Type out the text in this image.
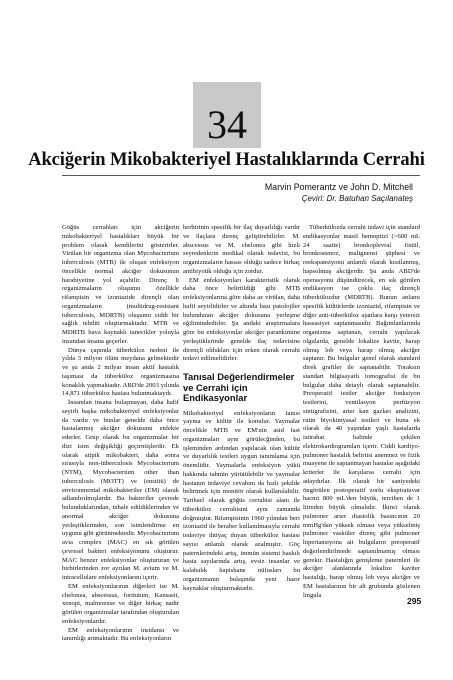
34
Akciğerin Mikobakteriyel Hastalıklarında Cerrahi
Marvin Pomerantz ve John D. Mitchell
Çeviri: Dr. Batuhan Saçılanateş

Göğüs cerrahları için akciğerin mikobakteriyel hastalıkları büyük bir problem olarak kendilerini gösterirler. Virülan bir organizma olan Mycobacterium tuberculosis (MTB) ile oluşan enfeksiyon öncelikle normal akciğer dokusunun harabiyetine yol açabilir. Direnç li organizmaların oluşumu özellikle rifampisin ve izoniazide dirençli olan organizmaların (multidrug-resistant tuberculosis, MDRTB) oluşumu ciddi bir sağlık tehditi oluşturmaktadır. MTB ve MDRTB hava kaynaklı tanecikler yoluyla insandan insana geçerler.

Dünya çapında tüberküloz nedeni ile yılda 3 milyon ölüm meydana gelmektedir ve şu anda 2 milyar insan aktif hastalık taşıması da tüberküloz organizmasına konaklık yapmaktadır. ABD'de 2003 yılında 14,871 tüberküloz hastası bulunmaktaydı.

İnsandan insana bulaşmayan, daha hafif seyirli başka mikobakteriyel enfeksiyonlar da vardır ve bunlar genelde daha önce hastalanmış akciğer dokusunu enfekte ederler. Grup olarak bu organizmalar bir dizi isim değişikliği geçirmişlerdir. Ek olarak atipik mikobakteri, daha sonra sırasıyla non-tüberculosis Mycobacterium (NTM), Mycobacterium other than tuberculosis (MOTT) ve (enstitü) de environmental mikobakteriler (EM) olarak adlandırılmışlardır. Bu bakteriler çevrede bulunduklarından, inhale edildiklerinden ve anormal akciğer dokusuna yerleştiklerinden, son isimlendirme en uygunu gibi görünmektedir. Mycobacterium avia complex (MAC) en sık görülen çevresel bakteri enfeksiyonunu oluşturur. MAC benzer enfeksiyonlar oluştururan ve birbirlerinden zor ayrılan M. avium ve M. intracellulare enfeksiyonlarını içerir.

EM enfeksiyonlarının diğerleri ise M. chelonea, abscessus, fortiutum, Kansasii, xenopi, malmoense ve diğer birkaç nadir görülen organizmalar tarafından oluşturulan enfeksiyonlardır.

EM enfeksiyonlarının insidansı ve tanımlığı artmaktadır. Bu enfeksiyonların

herbirinin spesifik bir ilaç duyarlılığı vardır ve ilaçlara direnç geliştirebilirler. M. abscessus ve M. chelonea gibi hızlı seyredenlerin medikal olarak tedavisi, bu organizmaların hassas olduğu sadece birkaç antibiyotik olduğu için zordur.

EM enfeksiyonları karakteristik olarak daha önce belirtildiği gibi MTB enfeksiyonlarına göre daha az virülan, daha hafif seyirlidirler ve altında bazı patolojiler bulunduran akciğer dokusuna yerleşme eğilimindedirler. Şu andaki araştırmalara göre bu enfeksiyonlar akciğer parankiminе yerleştiklerinde genelde ilaç tedavisine dirençli oldukları için erken olarak cerrahi tedavi edilmelidirler.

Tanısal Değerlendirmeler ve Cerrahi için Endikasyonlar

Mikobakteriyel enfeksiyonların tanısı yayma ve kültür ile konulur. Yaymalar öncelikle MTB ve EM'nin asid fast organizmaları aynı görülecğinden, bu işleminden ardından yapılacak olan kültür ve duyarlılık testleri uygun tanımlama için önemlidir. Yaymalarla enfeksiyon yükü hakkında tahmin yürütülebilir ve yaymalar hastanın tedaviye cevabını da hızlı şekilde belirtmek için monitör olarak kullanılabilir. Tarihsel olarak göğüs cerrahisi alanı ile tüberküloz cerrahisini aynı zamanda doğmuştur. Rifampisinin 1960 yılından beri izoniazid ile beraber kullanılmasıyla cerrahi tedaviye ihtiyaç duyan tüberküloz hastası sayısı anlamlı olarak azalmıştır. Göç paternlerindeki artış, immün sistemi baskılı hasta sayılarında artış, evsiz insanlar ve kalabalık hapishane nüfusları bu organizmanın bulaşında yeni hazır kaynaklar oluşturmaktadır.

Tüberkülozda cerrahi tedavi için standard endikasyonlar masif hemoptizi (>600 mL 24 saatte) bronkoplevral fistül, bronkostenoz, malignensi şüphesi ve reekspansiyonu anlamlı olarak kısıtlanmış, hapsolmuş akciğerdir. Şu anda ABD'de operasyonu düşündürecek, en sık görülen endikasyon ise çoklu ilaç dirençli tüberkülozdur (MDRTB). Bunun anlamı spesifik kültürlerde izoniazid, rifampisin ve diğer anti-tüberküloz ajanlara karşı yetersiz hassasiyet saptanmasıdır. Bağımlanlarında organizma saptanan, cerrahi yapılacak olgularda, genelde lokalize kavite, harap olmuş lob veya harap olmuş akciğer saptanır. Bu bulgular genel olarak standard direk grafiler ile saptanabilir. Toraksın standart bilgisayarlı tomografisi ile bu bulgular daha detaylı olarak saptanabilir. Preoperatif testler akciğer fonksiyon testlerini, ventilasyon perfüzyon sintigrafisini, arter kan gazları analizini, rutin biyokimyasal testleri ve buna ek olarak da 40 yaşından yaşlı hastalarda istirahat halinde çekilen elektrokardiogramları içerir. Ciddi kardiyo-pulmoner hastalık belirtisi anemnez ve fizik muayene ile saptanmayan hastalar aşağıdaki kriterler ile karşılarsa cerrahi için adaydırlar. İlk olarak bir saniyedeki öngörülen postoperatif zorlu ekspiratuvar hacmi 800 mL'den büyük, tercihen de 1 litreden büyük olmalıdır. İkinci olarak pulmoner arter diastolik basıncının 20 mmHg'dan yüksek olması veya yükselmiş pulmoner vasküler direnç gibi pulmoner hipertansiyona ait bulguların preoperatif değerlendirilmede saptanılmamış olması gerekir. Hastalığın genişleme paternleri ile akciğer alanlarında lokalize kaviter hastalığı, harap olmuş lob veya akciğer ve EM hastalarının bir alt grubunda gözlenen lingula

295
